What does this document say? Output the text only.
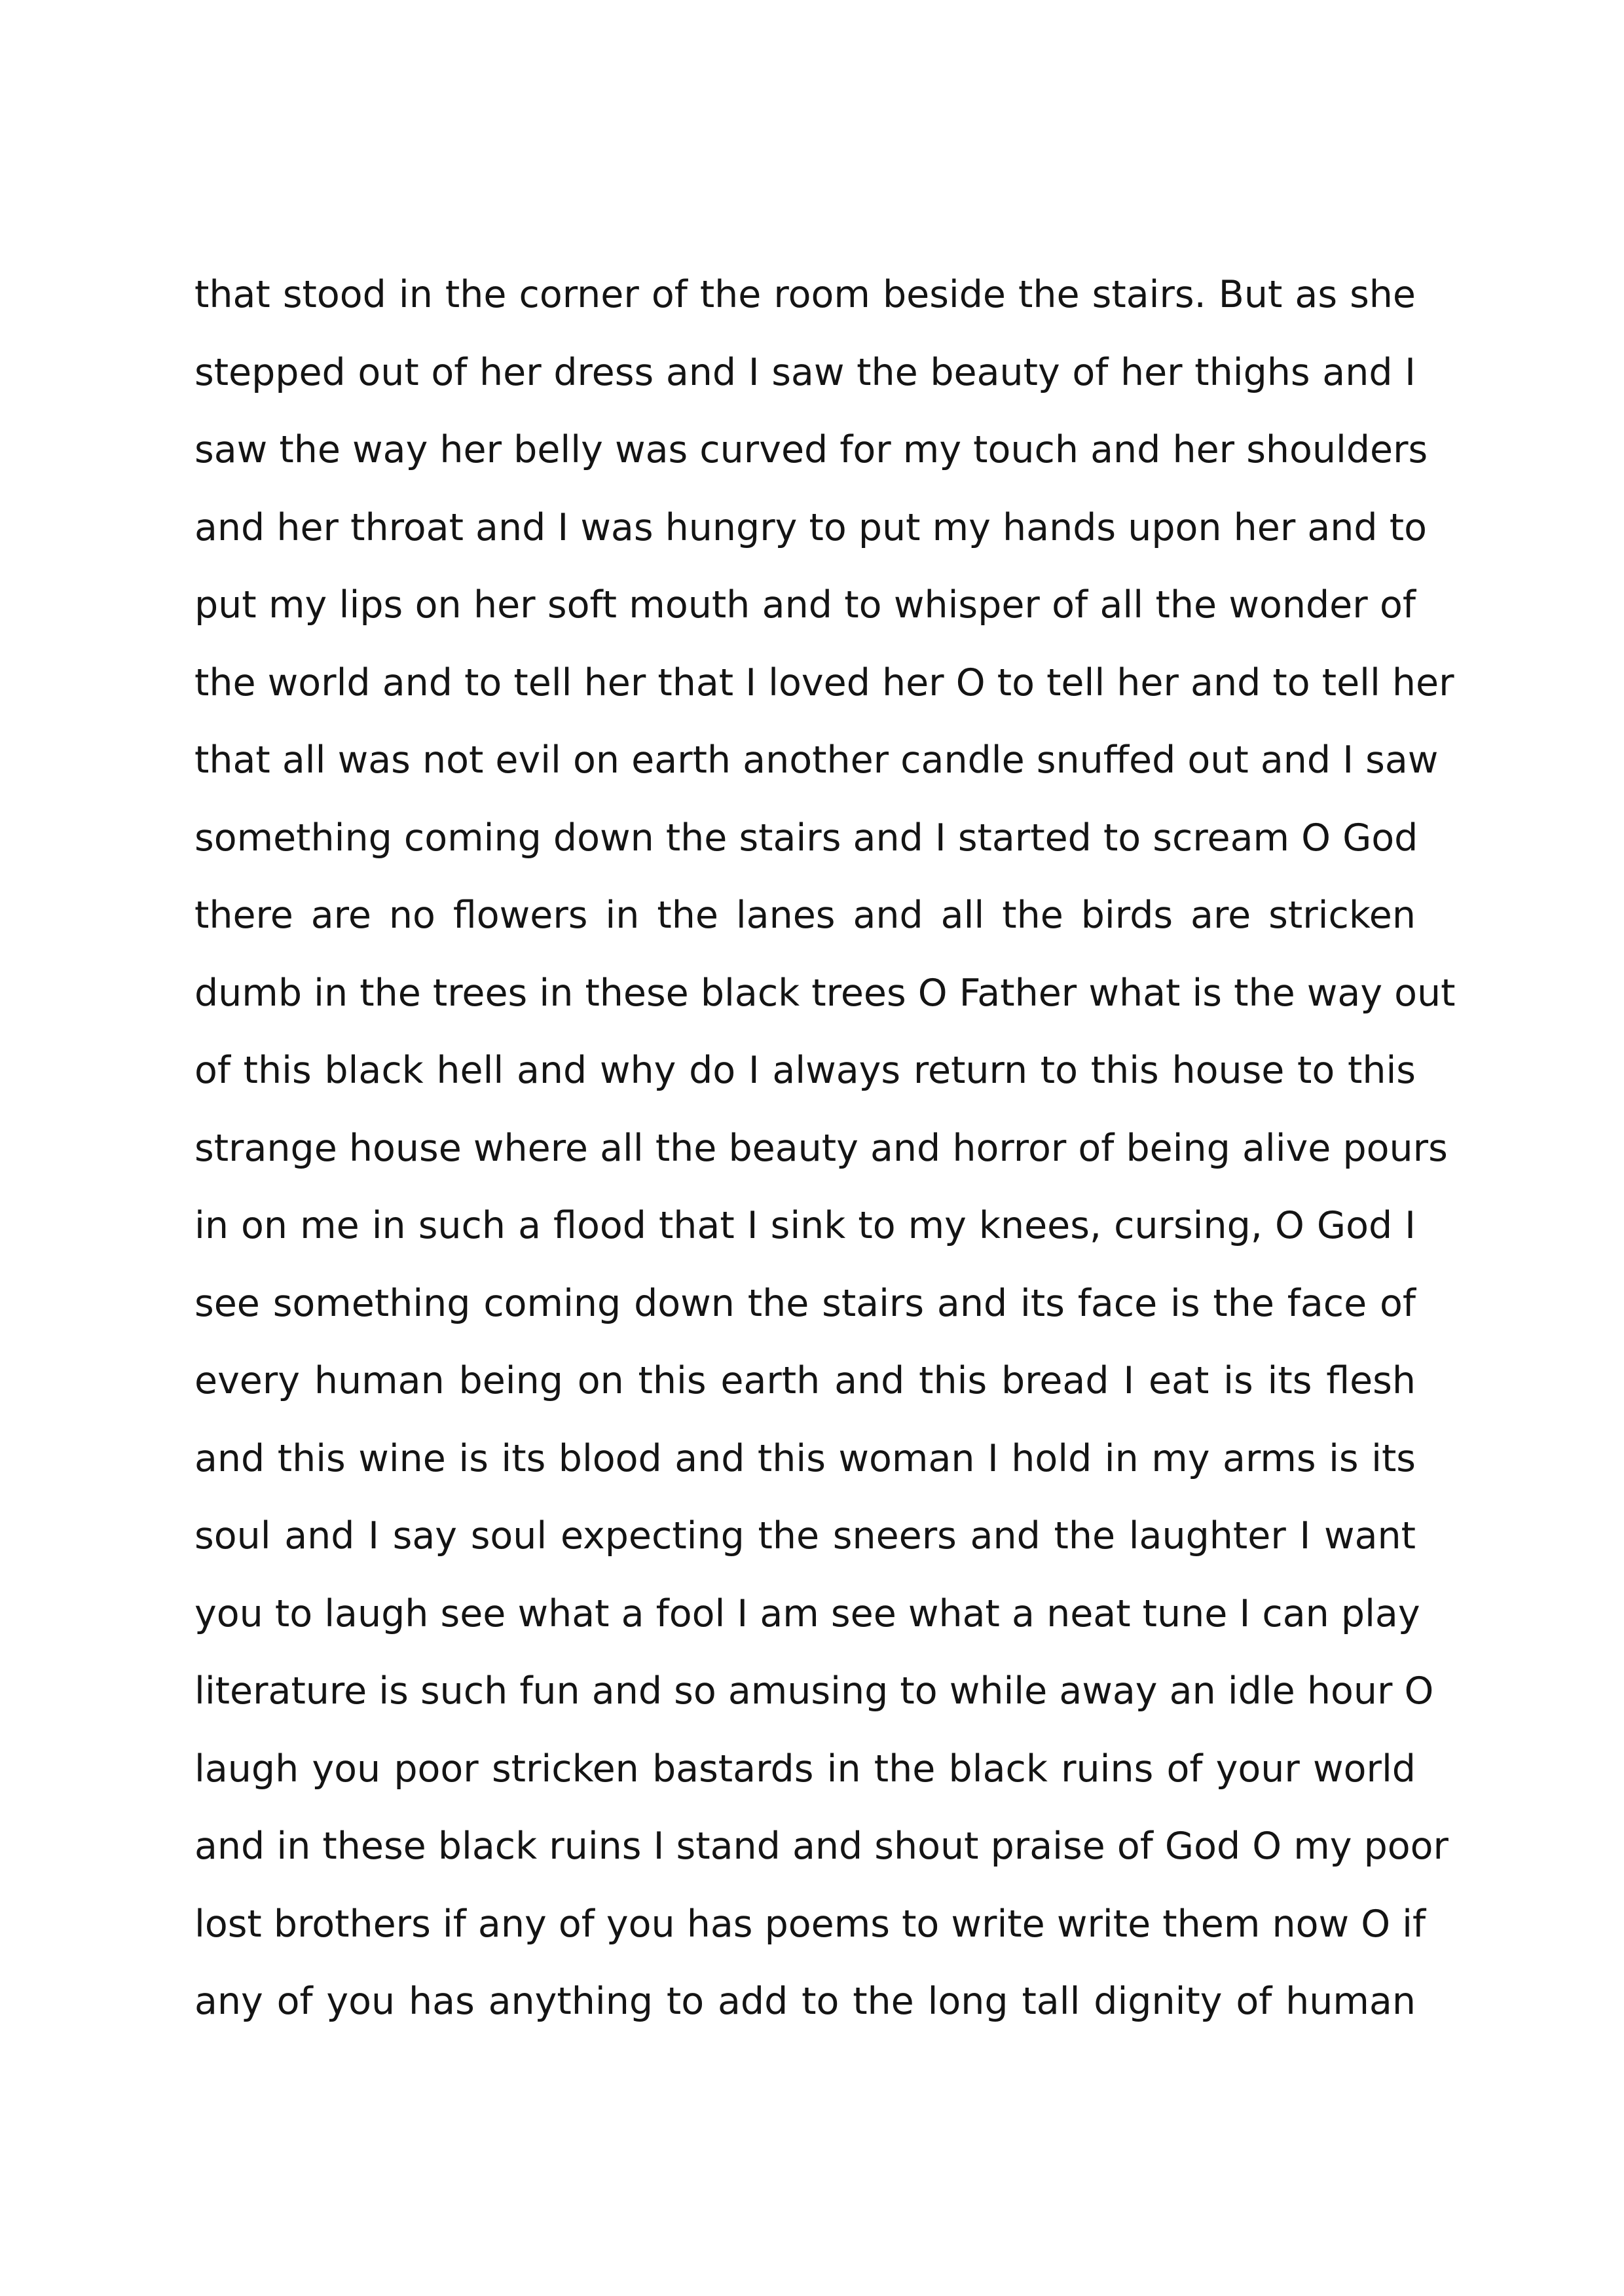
that stood in the corner of the room beside the stairs. But as she
stepped out of her dress and I saw the beauty of her thighs and I
saw the way her belly was curved for my touch and her shoulders
and her throat and I was hungry to put my hands upon her and to
put my lips on her soft mouth and to whisper of all the wonder of
the world and to tell her that I loved her O to tell her and to tell her
that all was not evil on earth another candle snuffed out and I saw
something coming down the stairs and I started to scream O God
there are no flowers in the lanes and all the birds are stricken
dumb in the trees in these black trees O Father what is the way out
of this black hell and why do I always return to this house to this
strange house where all the beauty and horror of being alive pours
in on me in such a flood that I sink to my knees, cursing, O God I
see something coming down the stairs and its face is the face of
every human being on this earth and this bread I eat is its flesh
and this wine is its blood and this woman I hold in my arms is its
soul and I say soul expecting the sneers and the laughter I want
you to laugh see what a fool I am see what a neat tune I can play
literature is such fun and so amusing to while away an idle hour O
laugh you poor stricken bastards in the black ruins of your world
and in these black ruins I stand and shout praise of God O my poor
lost brothers if any of you has poems to write write them now O if
any of you has anything to add to the long tall dignity of human
